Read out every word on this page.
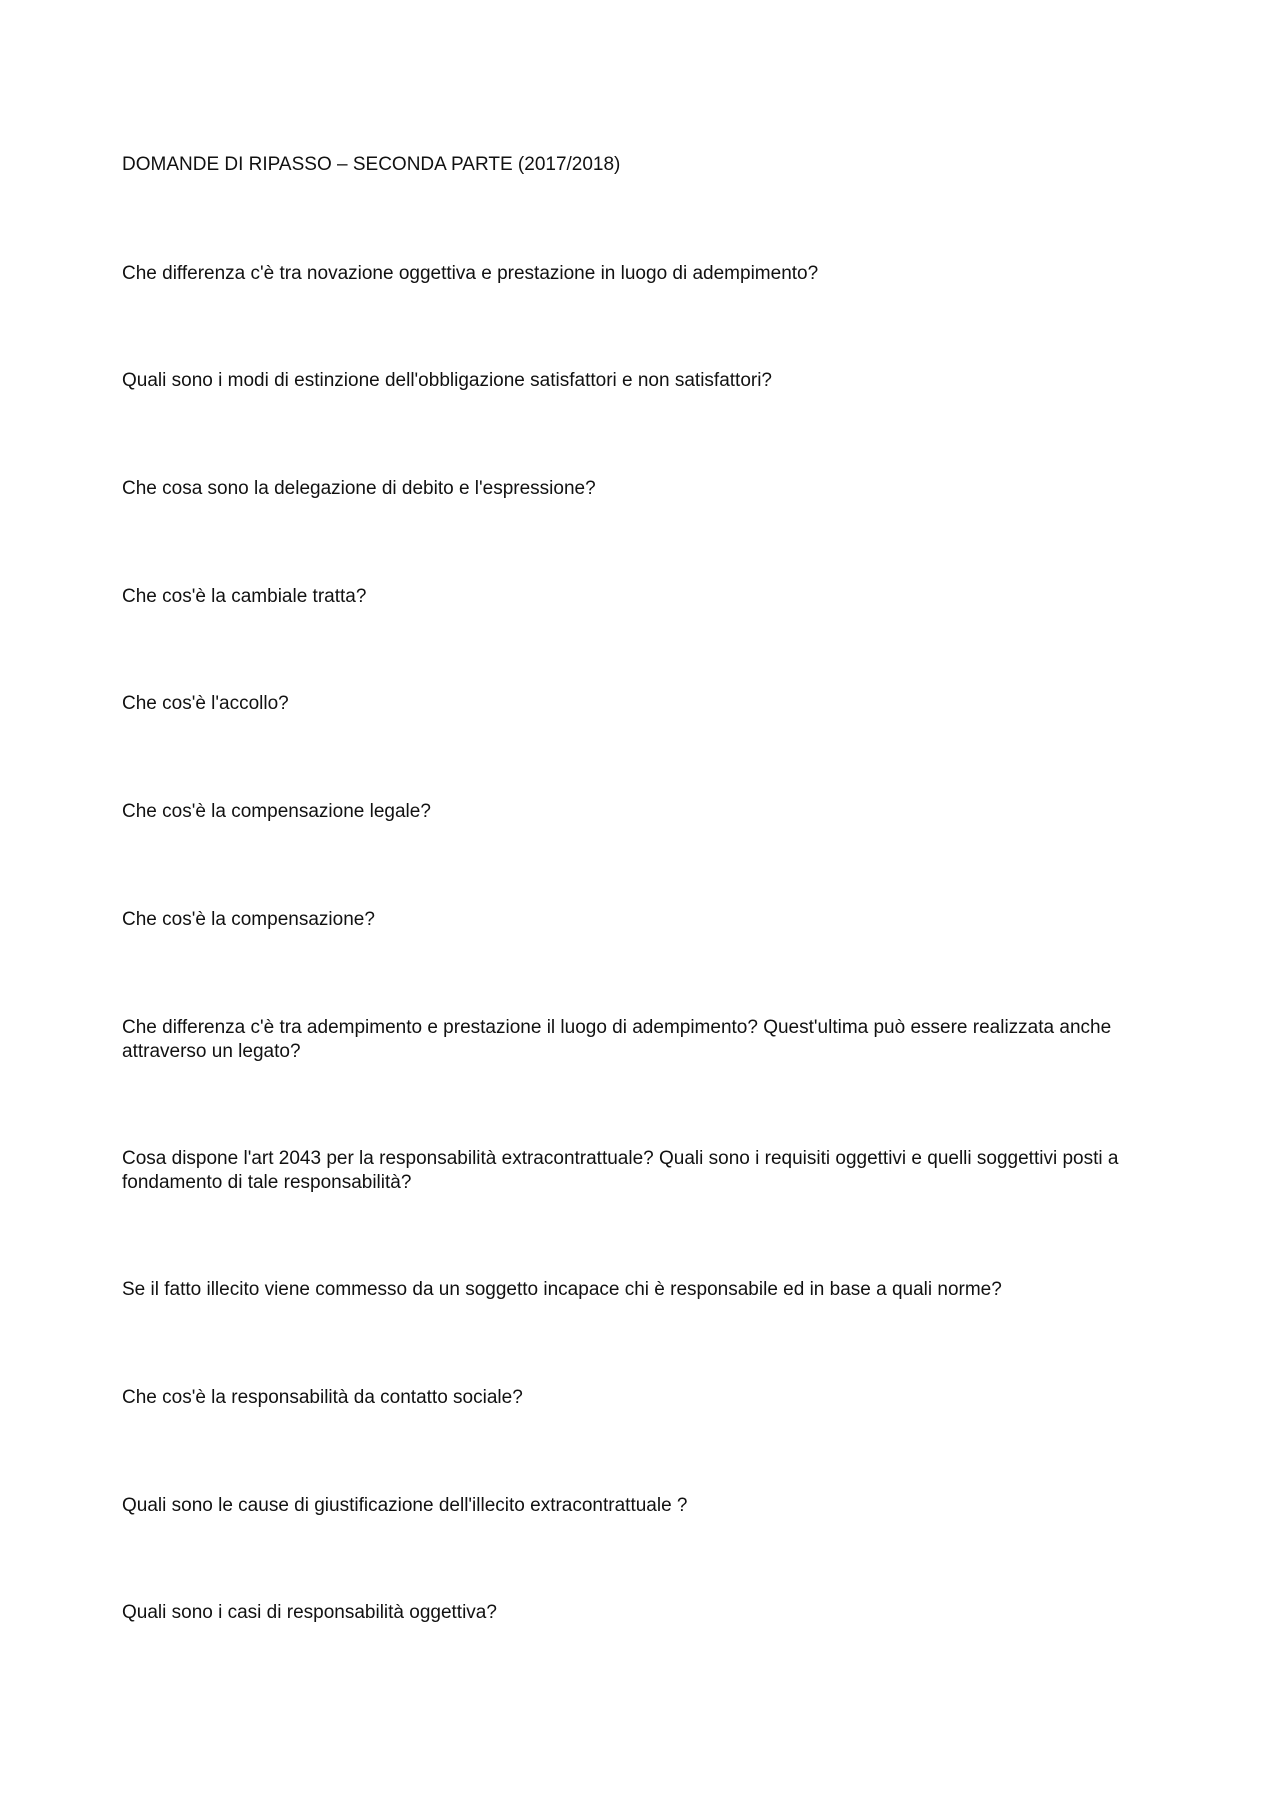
DOMANDE DI RIPASSO – SECONDA PARTE (2017/2018)

Che differenza c'è tra novazione oggettiva e prestazione in luogo di adempimento?

Quali sono i modi di estinzione dell'obbligazione satisfattori e non satisfattori?

Che cosa sono la delegazione di debito e l'espressione?

Che cos'è la cambiale tratta?

Che cos'è l'accollo?

Che cos'è la compensazione legale?

Che cos'è la compensazione?

Che differenza c'è tra adempimento e prestazione il luogo di adempimento? Quest'ultima può essere realizzata anche attraverso un legato?

Cosa dispone l'art 2043 per la responsabilità extracontrattuale? Quali sono i requisiti oggettivi e quelli soggettivi posti a fondamento di tale responsabilità?

Se il fatto illecito viene commesso da un soggetto incapace chi è responsabile ed in base a quali norme?

Che cos'è la responsabilità da contatto sociale?

Quali sono le cause di giustificazione dell'illecito extracontrattuale ?

Quali sono i casi di responsabilità oggettiva?
